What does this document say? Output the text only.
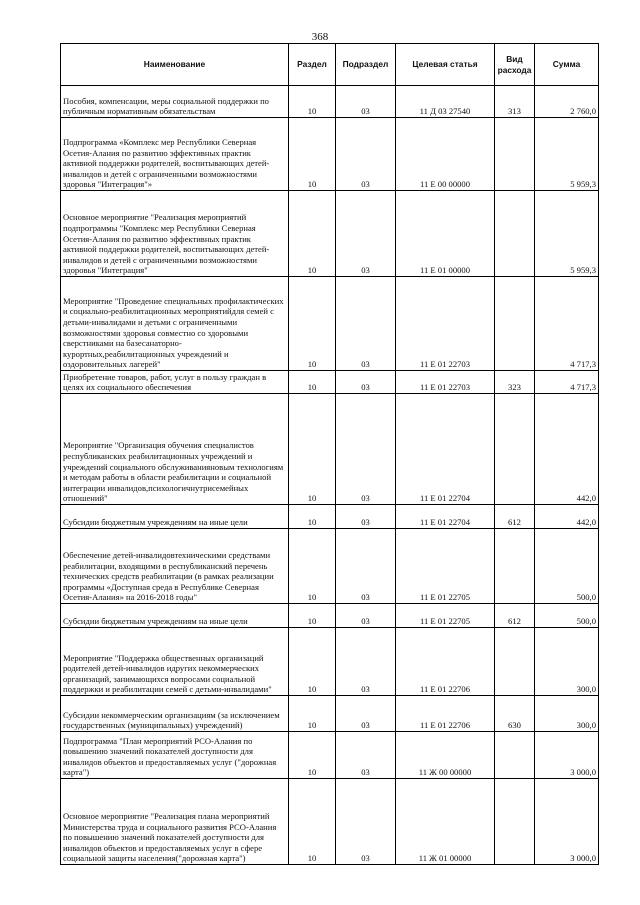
368
Наименование	Раздел	Подраздел	Целевая статья	Вид расхода	Сумма
Пособия, компенсации, меры социальной поддержки по публичным нормативным обязательствам	10	03	11 Д 03 27540	313	2 760,0
Подпрограмма «Комплекс мер Республики Северная Осетия-Алания по развитию эффективных практик активной поддержки родителей, воспитывающих детей-инвалидов и детей с ограниченными возможностями здоровья "Интеграция"»	10	03	11 Е 00 00000		5 959,3
Основное мероприятие "Реализация мероприятий подпрограммы "Комплекс мер Республики Северная Осетия-Алания по развитию эффективных практик активной поддержки родителей, воспитывающих детей-инвалидов и детей с ограниченными возможностями здоровья "Интеграция"	10	03	11 Е 01 00000		5 959,3
Мероприятие "Проведение специальных профилактических и социально-реабилитационных мероприятийдля семей с детьми-инвалидами и детьми с ограниченными возможностями здоровья совместно со здоровыми сверстниками на базесанаторно-курортных,реабилитационных учреждений и оздоровительных лагерей"	10	03	11 Е 01 22703		4 717,3
Приобретение товаров, работ, услуг в пользу граждан в целях их социального обеспечения	10	03	11 Е 01 22703	323	4 717,3
Мероприятие "Организация обучения специалистов республиканских реабилитационных учреждений и учреждений социального обслуживанияновым технологиям и методам работы в области реабилитации и социальной интеграции инвалидов,психологичнутрисемейных отношений"	10	03	11 Е 01 22704		442,0
Субсидии бюджетным учреждениям на иные цели	10	03	11 Е 01 22704	612	442,0
Обеспечение детей-инвалидовтехническими средствами реабилитации, входящими в республиканский перечень технических средств реабилитации (в рамках реализации программы «Доступная среда в Республике Северная Осетия-Алания» на 2016-2018 годы"	10	03	11 Е 01 22705		500,0
Субсидии бюджетным учреждениям на иные цели	10	03	11 Е 01 22705	612	500,0
Мероприятие "Поддержка общественных организаций родителей детей-инвалидов идругих некоммерческих организаций, занимающихся вопросами социальной поддержки и реабилитации семей с детьми-инвалидами"	10	03	11 Е 01 22706		300,0
Субсидии некоммерческим организациям (за исключением государственных (муниципальных) учреждений)	10	03	11 Е 01 22706	630	300,0
Подпрограмма "План мероприятий РСО-Алания по повышению значений показателей доступности для инвалидов объектов и предоставляемых услуг ("дорожная карта")	10	03	11 Ж 00 00000		3 000,0
Основное мероприятие "Реализация плана мероприятий Министерства труда и социального развития РСО-Алания по повышению значений показателей доступности для инвалидов объектов и предоставляемых услуг в сфере социальной защиты населения("дорожная карта")	10	03	11 Ж 01 00000		3 000,0
